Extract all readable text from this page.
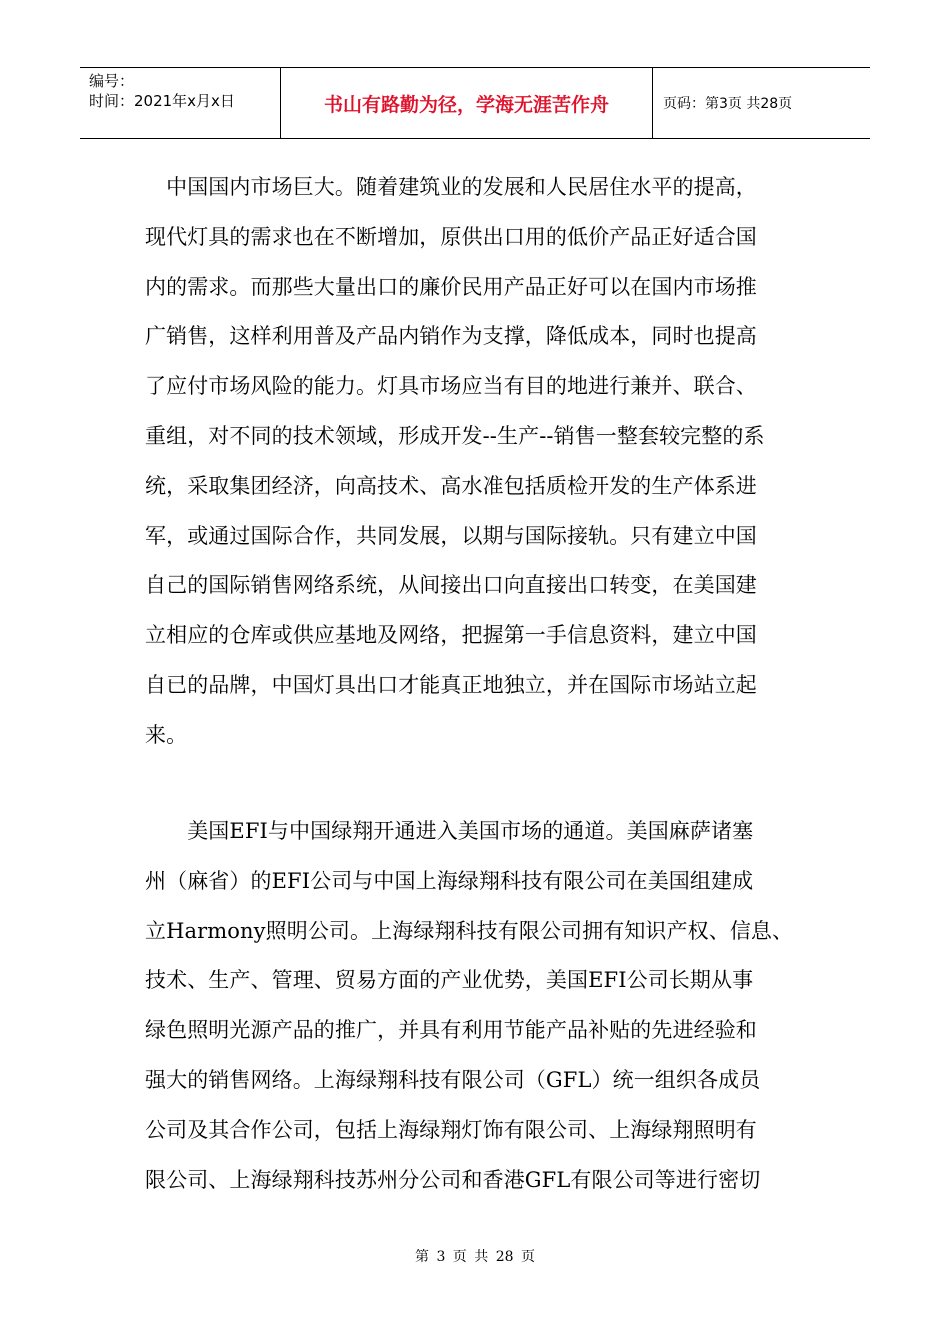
编号：
时间：2021年x月x日	书山有路勤为径，学海无涯苦作舟	页码：第3页 共28页
　中国国内市场巨大。随着建筑业的发展和人民居住水平的提高，
现代灯具的需求也在不断增加，原供出口用的低价产品正好适合国
内的需求。而那些大量出口的廉价民用产品正好可以在国内市场推
广销售，这样利用普及产品内销作为支撑，降低成本，同时也提高
了应付市场风险的能力。灯具市场应当有目的地进行兼并、联合、
重组，对不同的技术领域，形成开发--生产--销售一整套较完整的系
统，采取集团经济，向高技术、高水准包括质检开发的生产体系进
军，或通过国际合作，共同发展，以期与国际接轨。只有建立中国
自己的国际销售网络系统，从间接出口向直接出口转变，在美国建
立相应的仓库或供应基地及网络，把握第一手信息资料，建立中国
自已的品牌，中国灯具出口才能真正地独立，并在国际市场站立起
来。
　　美国EFI与中国绿翔开通进入美国市场的通道。美国麻萨诸塞
州（麻省）的EFI公司与中国上海绿翔科技有限公司在美国组建成
立Harmony照明公司。上海绿翔科技有限公司拥有知识产权、信息、
技术、生产、管理、贸易方面的产业优势，美国EFI公司长期从事
绿色照明光源产品的推广，并具有利用节能产品补贴的先进经验和
强大的销售网络。上海绿翔科技有限公司（GFL）统一组织各成员
公司及其合作公司，包括上海绿翔灯饰有限公司、上海绿翔照明有
限公司、上海绿翔科技苏州分公司和香港GFL有限公司等进行密切
第 3 页 共 28 页
